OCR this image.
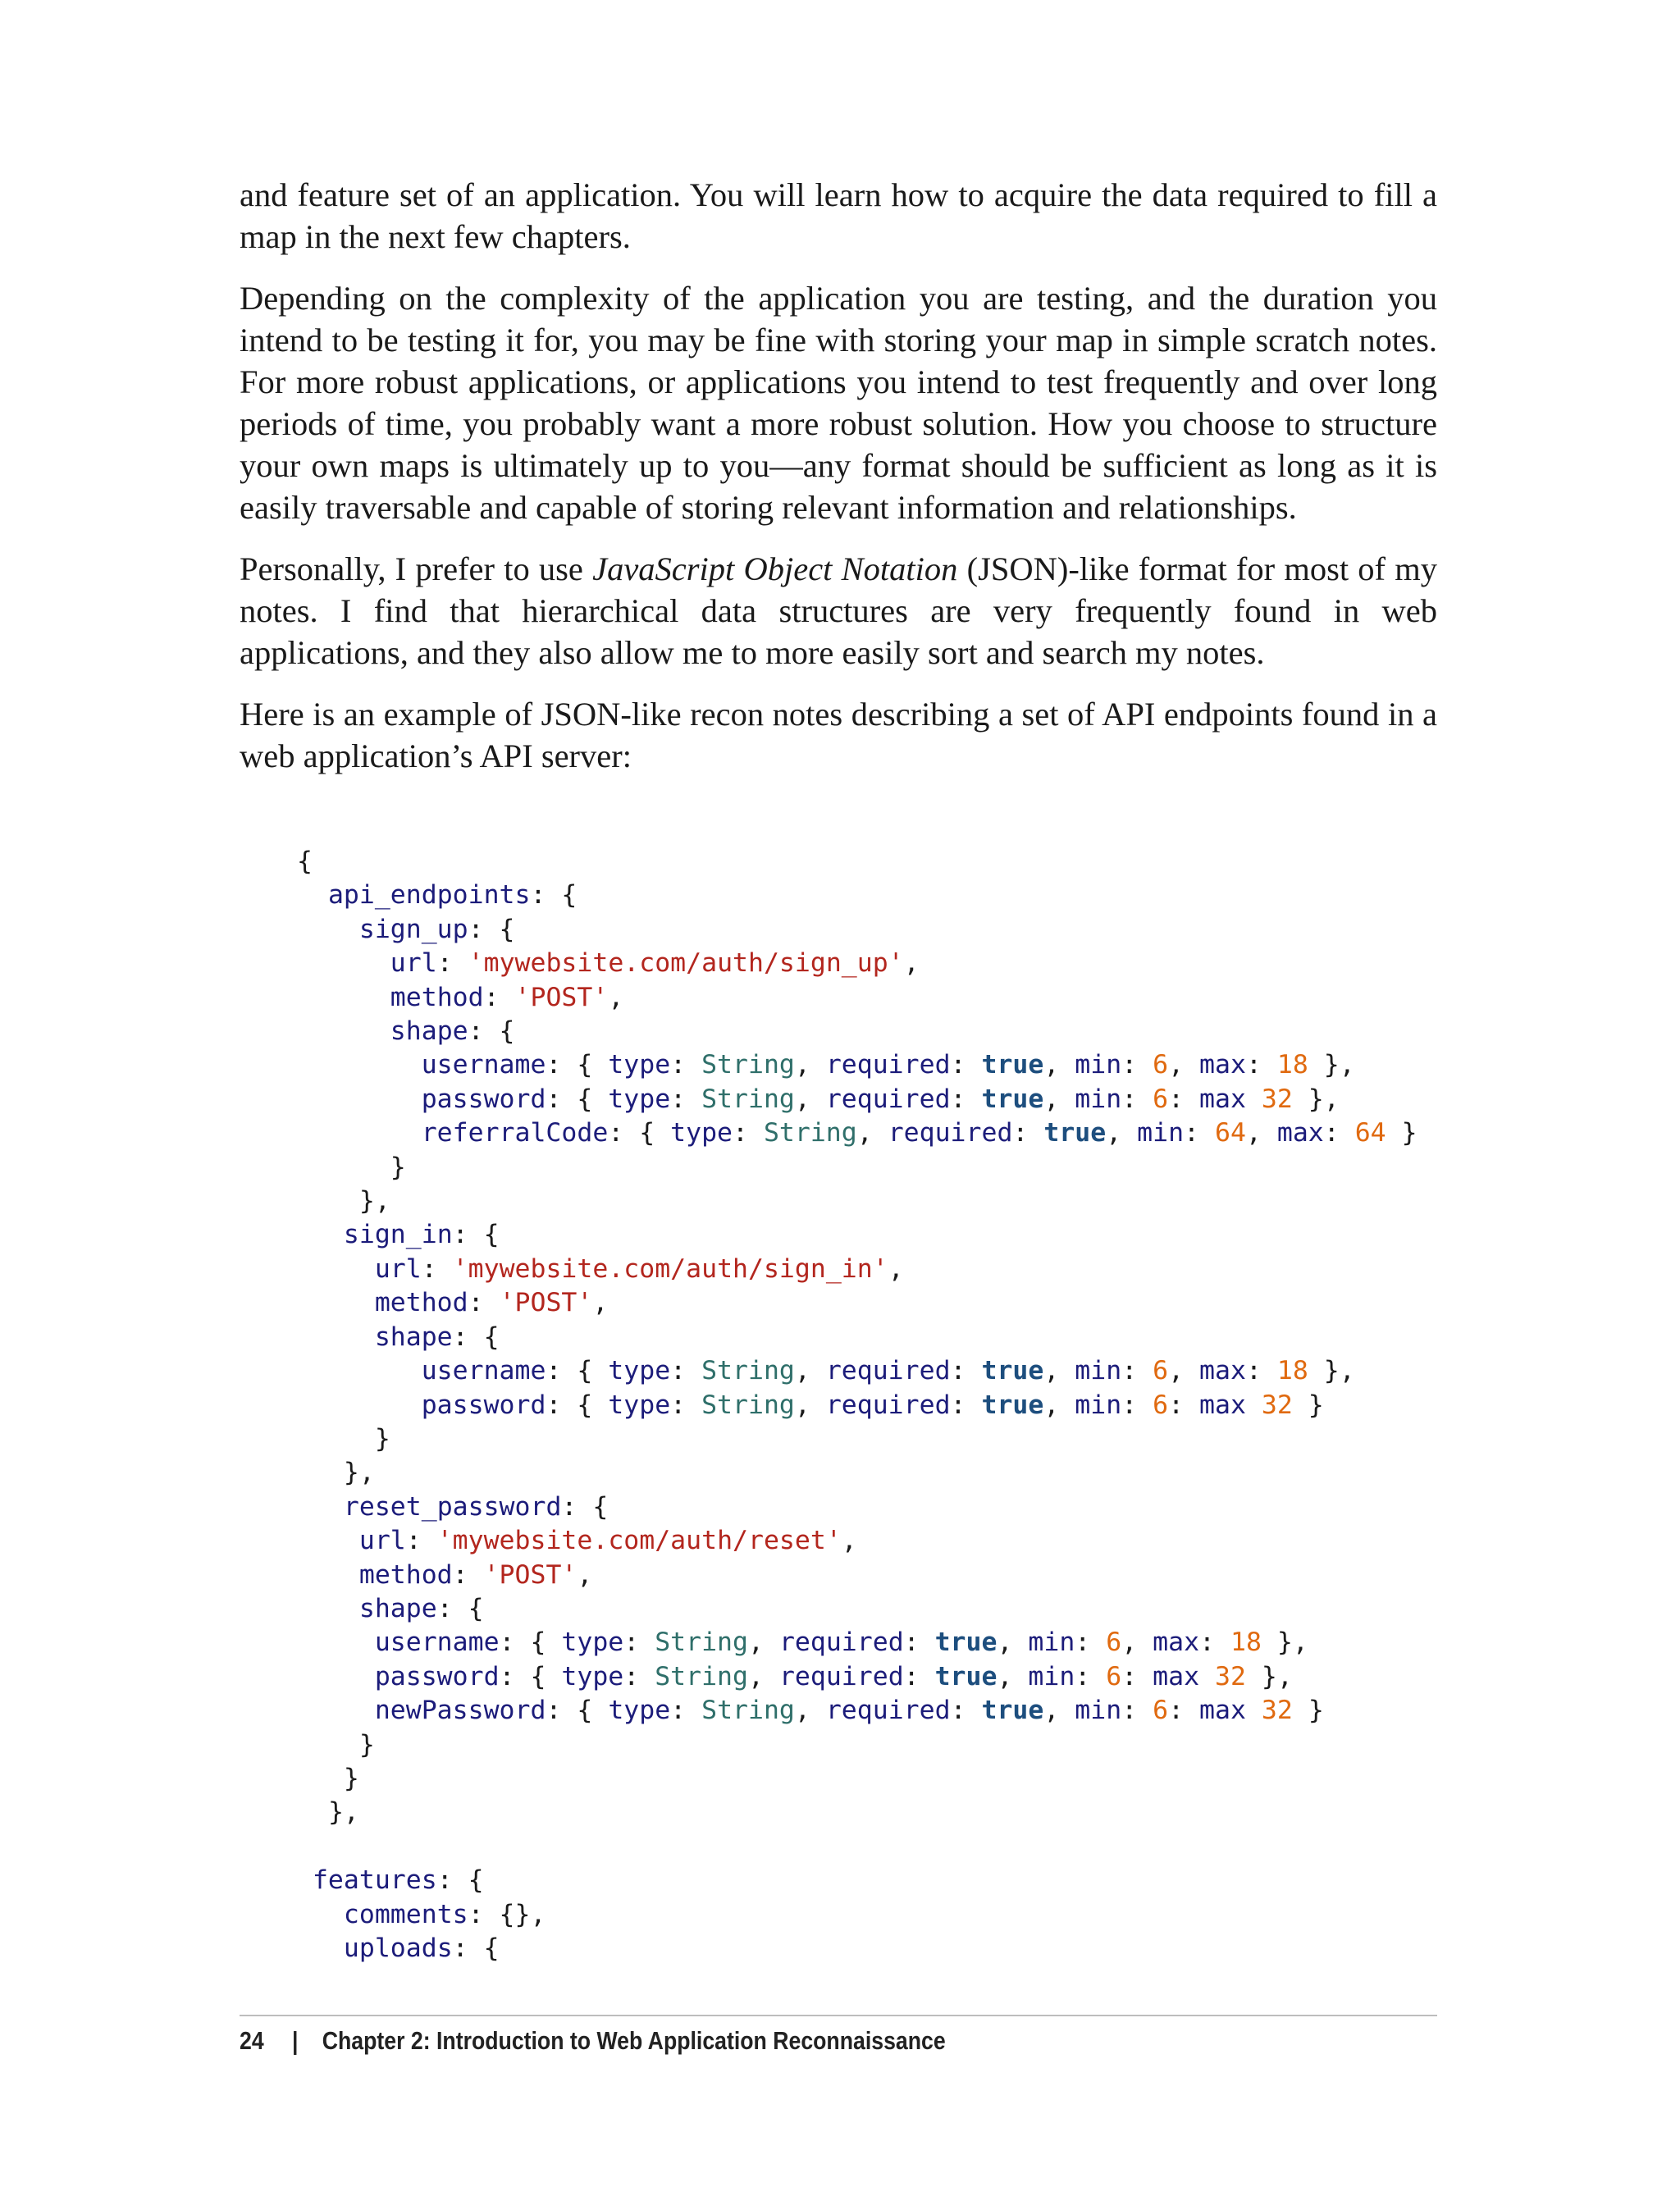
and feature set of an application. You will learn how to acquire the data required to fill a map in the next few chapters.

Depending on the complexity of the application you are testing, and the duration you intend to be testing it for, you may be fine with storing your map in simple scratch notes. For more robust applications, or applications you intend to test frequently and over long periods of time, you probably want a more robust solution. How you choose to structure your own maps is ultimately up to you—any format should be sufficient as long as it is easily traversable and capable of storing relevant information and relationships.

Personally, I prefer to use JavaScript Object Notation (JSON)-like format for most of my notes. I find that hierarchical data structures are very frequently found in web applications, and they also allow me to more easily sort and search my notes.

Here is an example of JSON-like recon notes describing a set of API endpoints found in a web application’s API server:

{
api_endpoints: {
sign_up: {
url: 'mywebsite.com/auth/sign_up',
method: 'POST',
shape: {
username: { type: String, required: true, min: 6, max: 18 },
password: { type: String, required: true, min: 6: max 32 },
referralCode: { type: String, required: true, min: 64, max: 64 }
}
},
sign_in: {
url: 'mywebsite.com/auth/sign_in',
method: 'POST',
shape: {
username: { type: String, required: true, min: 6, max: 18 },
password: { type: String, required: true, min: 6: max 32 }
}
},
reset_password: {
url: 'mywebsite.com/auth/reset',
method: 'POST',
shape: {
username: { type: String, required: true, min: 6, max: 18 },
password: { type: String, required: true, min: 6: max 32 },
newPassword: { type: String, required: true, min: 6: max 32 }
}
}
},

features: {
comments: {},
uploads: {

24 | Chapter 2: Introduction to Web Application Reconnaissance
